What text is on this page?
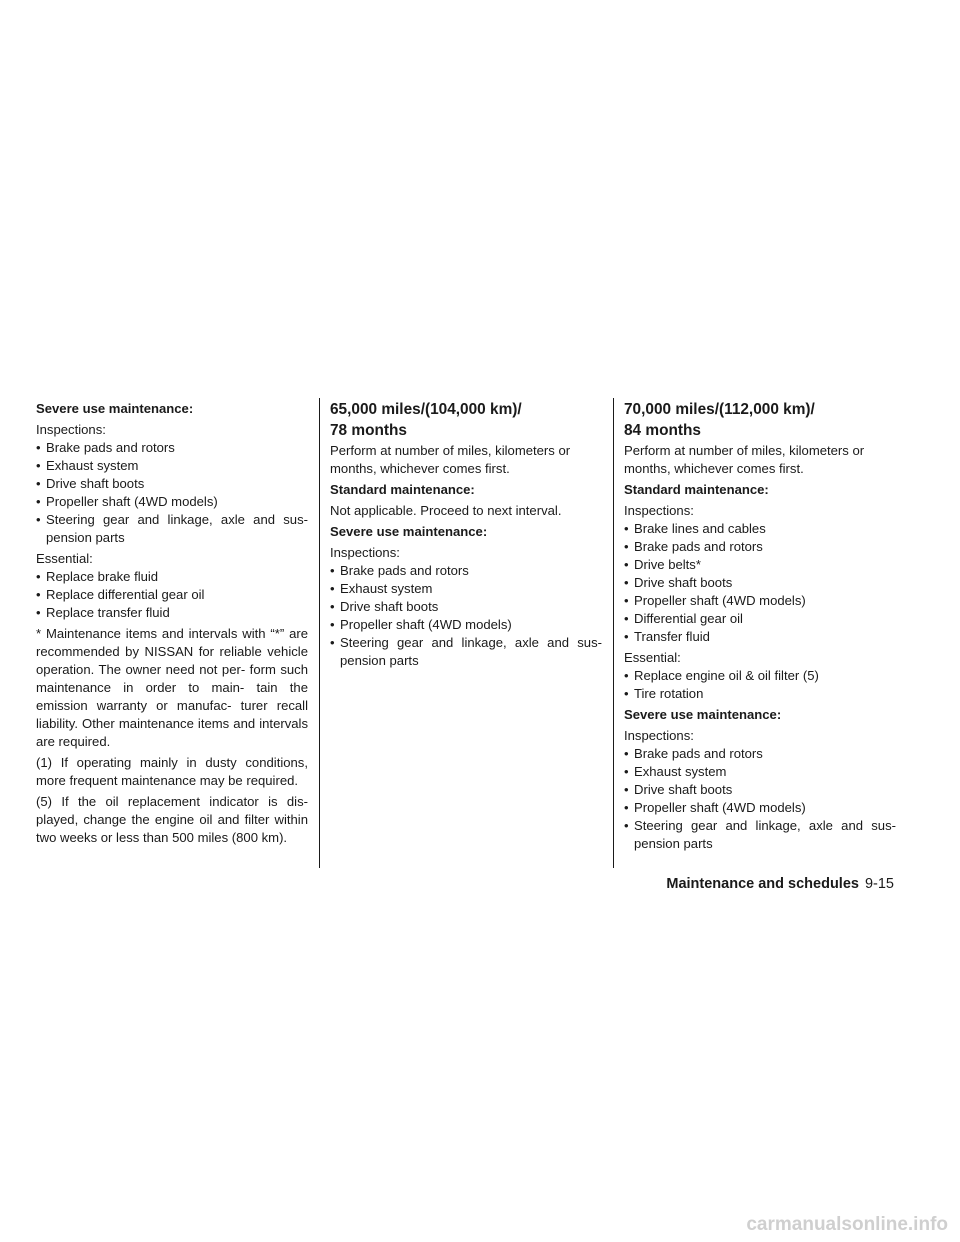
Severe use maintenance:

Inspections:

• Brake pads and rotors
• Exhaust system
• Drive shaft boots
• Propeller shaft (4WD models)
• Steering gear and linkage, axle and sus- pension parts

Essential:

• Replace brake fluid
• Replace differential gear oil
• Replace transfer fluid

* Maintenance items and intervals with “*” are recommended by NISSAN for reliable vehicle operation. The owner need not per- form such maintenance in order to main- tain the emission warranty or manufac- turer recall liability. Other maintenance items and intervals are required.

(1) If operating mainly in dusty conditions, more frequent maintenance may be required.

(5) If the oil replacement indicator is dis- played, change the engine oil and filter within two weeks or less than 500 miles (800 km).

65,000 miles/(104,000 km)/

78 months

Perform at number of miles, kilometers or months, whichever comes first.

Standard maintenance:

Not applicable. Proceed to next interval.

Severe use maintenance:

Inspections:

• Brake pads and rotors
• Exhaust system
• Drive shaft boots
• Propeller shaft (4WD models)
• Steering gear and linkage, axle and sus- pension parts

70,000 miles/(112,000 km)/

84 months

Perform at number of miles, kilometers or months, whichever comes first.

Standard maintenance:

Inspections:

• Brake lines and cables
• Brake pads and rotors
• Drive belts*
• Drive shaft boots
• Propeller shaft (4WD models)
• Differential gear oil
• Transfer fluid

Essential:

• Replace engine oil & oil filter (5)
• Tire rotation

Severe use maintenance:

Inspections:

• Brake pads and rotors
• Exhaust system
• Drive shaft boots
• Propeller shaft (4WD models)
• Steering gear and linkage, axle and sus- pension parts
Maintenance and schedules 9-15
carmanualsonline.info
